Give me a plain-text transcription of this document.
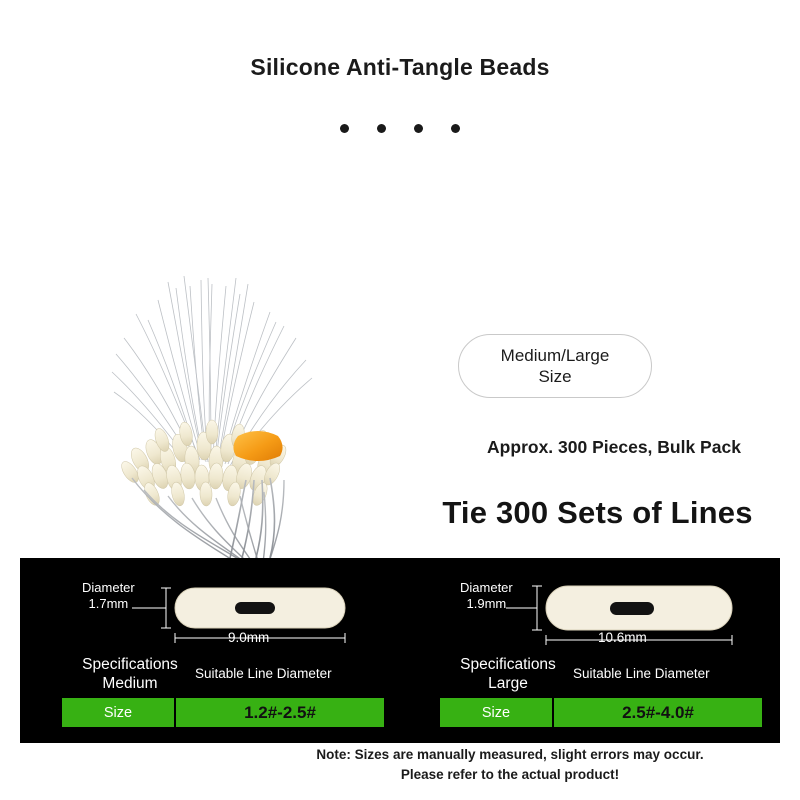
Silicone Anti-Tangle Beads
Medium/Large
Size
Approx. 300 Pieces, Bulk Pack
Tie 300 Sets of Lines
Diameter
1.7mm
9.0mm
Specifications
Medium
Suitable Line Diameter
Size	1.2#-2.5#
Diameter
1.9mm
10.6mm
Specifications
Large
Suitable Line Diameter
Size	2.5#-4.0#
Note: Sizes are manually measured, slight errors may occur.
Please refer to the actual product!
